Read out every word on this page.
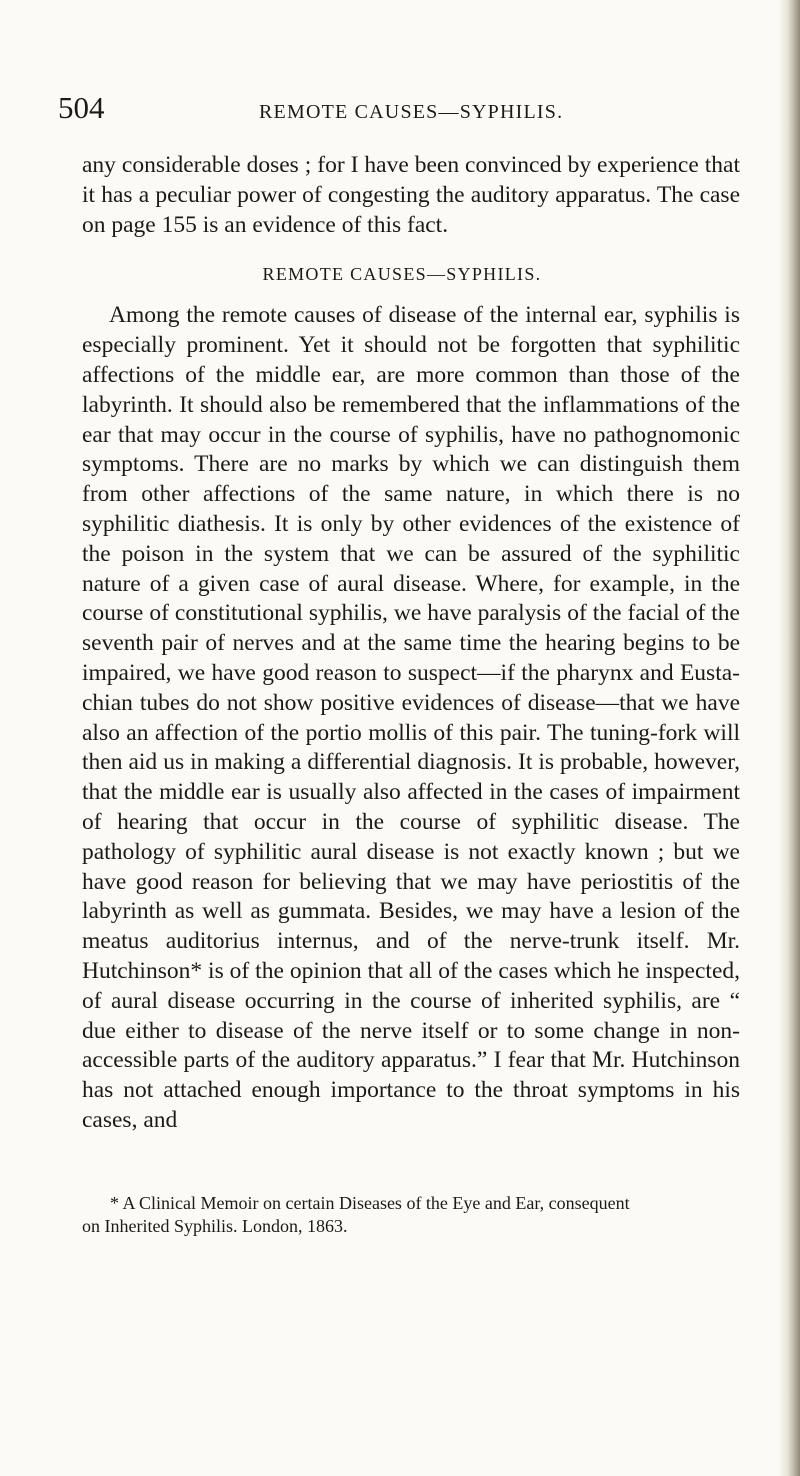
504	REMOTE CAUSES—SYPHILIS.

any considerable doses ; for I have been convinced by experience that it has a peculiar power of congesting the auditory apparatus. The case on page 155 is an evidence of this fact.

REMOTE CAUSES—SYPHILIS.

Among the remote causes of disease of the internal ear, syphilis is especially prominent. Yet it should not be forgotten that syphilitic affections of the middle ear, are more common than those of the labyrinth. It should also be remembered that the inflammations of the ear that may occur in the course of syphilis, have no pathognomonic symptoms. There are no marks by which we can distinguish them from other affections of the same nature, in which there is no syphilitic diathesis. It is only by other evidences of the existence of the poison in the system that we can be assured of the syphilitic nature of a given case of aural disease. Where, for example, in the course of constitutional syphilis, we have paralysis of the facial of the seventh pair of nerves and at the same time the hearing begins to be impaired, we have good reason to suspect—if the pharynx and Eustachian tubes do not show positive evidences of disease—that we have also an affection of the portio mollis of this pair. The tuning-fork will then aid us in making a differential diagnosis. It is probable, however, that the middle ear is usually also affected in the cases of impairment of hearing that occur in the course of syphilitic disease. The pathology of syphilitic aural disease is not exactly known ; but we have good reason for believing that we may have periostitis of the labyrinth as well as gummata. Besides, we may have a lesion of the meatus auditorius internus, and of the nerve-trunk itself. Mr. Hutchinson* is of the opinion that all of the cases which he inspected, of aural disease occurring in the course of inherited syphilis, are “ due either to disease of the nerve itself or to some change in non-accessible parts of the auditory apparatus.” I fear that Mr. Hutchinson has not attached enough importance to the throat symptoms in his cases, and

* A Clinical Memoir on certain Diseases of the Eye and Ear, consequent
on Inherited Syphilis. London, 1863.
